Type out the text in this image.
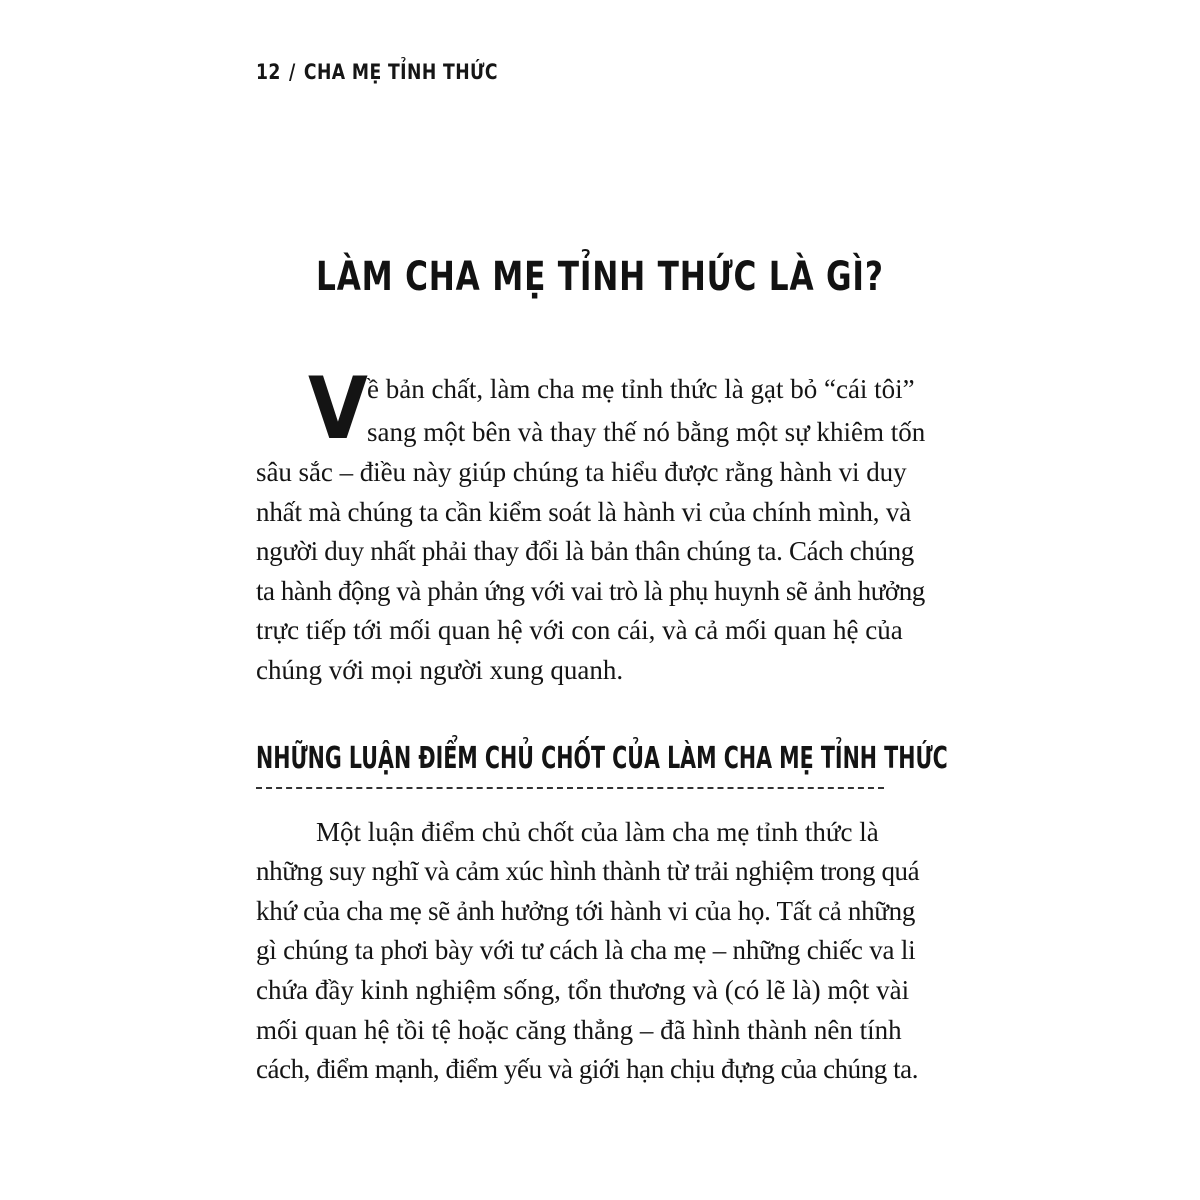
12 / CHA MẸ TỈNH THỨC
LÀM CHA MẸ TỈNH THỨC LÀ GÌ?
V ề bản chất, làm cha mẹ tỉnh thức là gạt bỏ “cái tôi”
sang một bên và thay thế nó bằng một sự khiêm tốn
sâu sắc – điều này giúp chúng ta hiểu được rằng hành vi duy
nhất mà chúng ta cần kiểm soát là hành vi của chính mình, và
người duy nhất phải thay đổi là bản thân chúng ta. Cách chúng
ta hành động và phản ứng với vai trò là phụ huynh sẽ ảnh hưởng
trực tiếp tới mối quan hệ với con cái, và cả mối quan hệ của
chúng với mọi người xung quanh.
NHỮNG LUẬN ĐIỂM CHỦ CHỐT CỦA LÀM CHA MẸ TỈNH THỨC
Một luận điểm chủ chốt của làm cha mẹ tỉnh thức là
những suy nghĩ và cảm xúc hình thành từ trải nghiệm trong quá
khứ của cha mẹ sẽ ảnh hưởng tới hành vi của họ. Tất cả những
gì chúng ta phơi bày với tư cách là cha mẹ – những chiếc va li
chứa đầy kinh nghiệm sống, tổn thương và (có lẽ là) một vài
mối quan hệ tồi tệ hoặc căng thẳng – đã hình thành nên tính
cách, điểm mạnh, điểm yếu và giới hạn chịu đựng của chúng ta.
